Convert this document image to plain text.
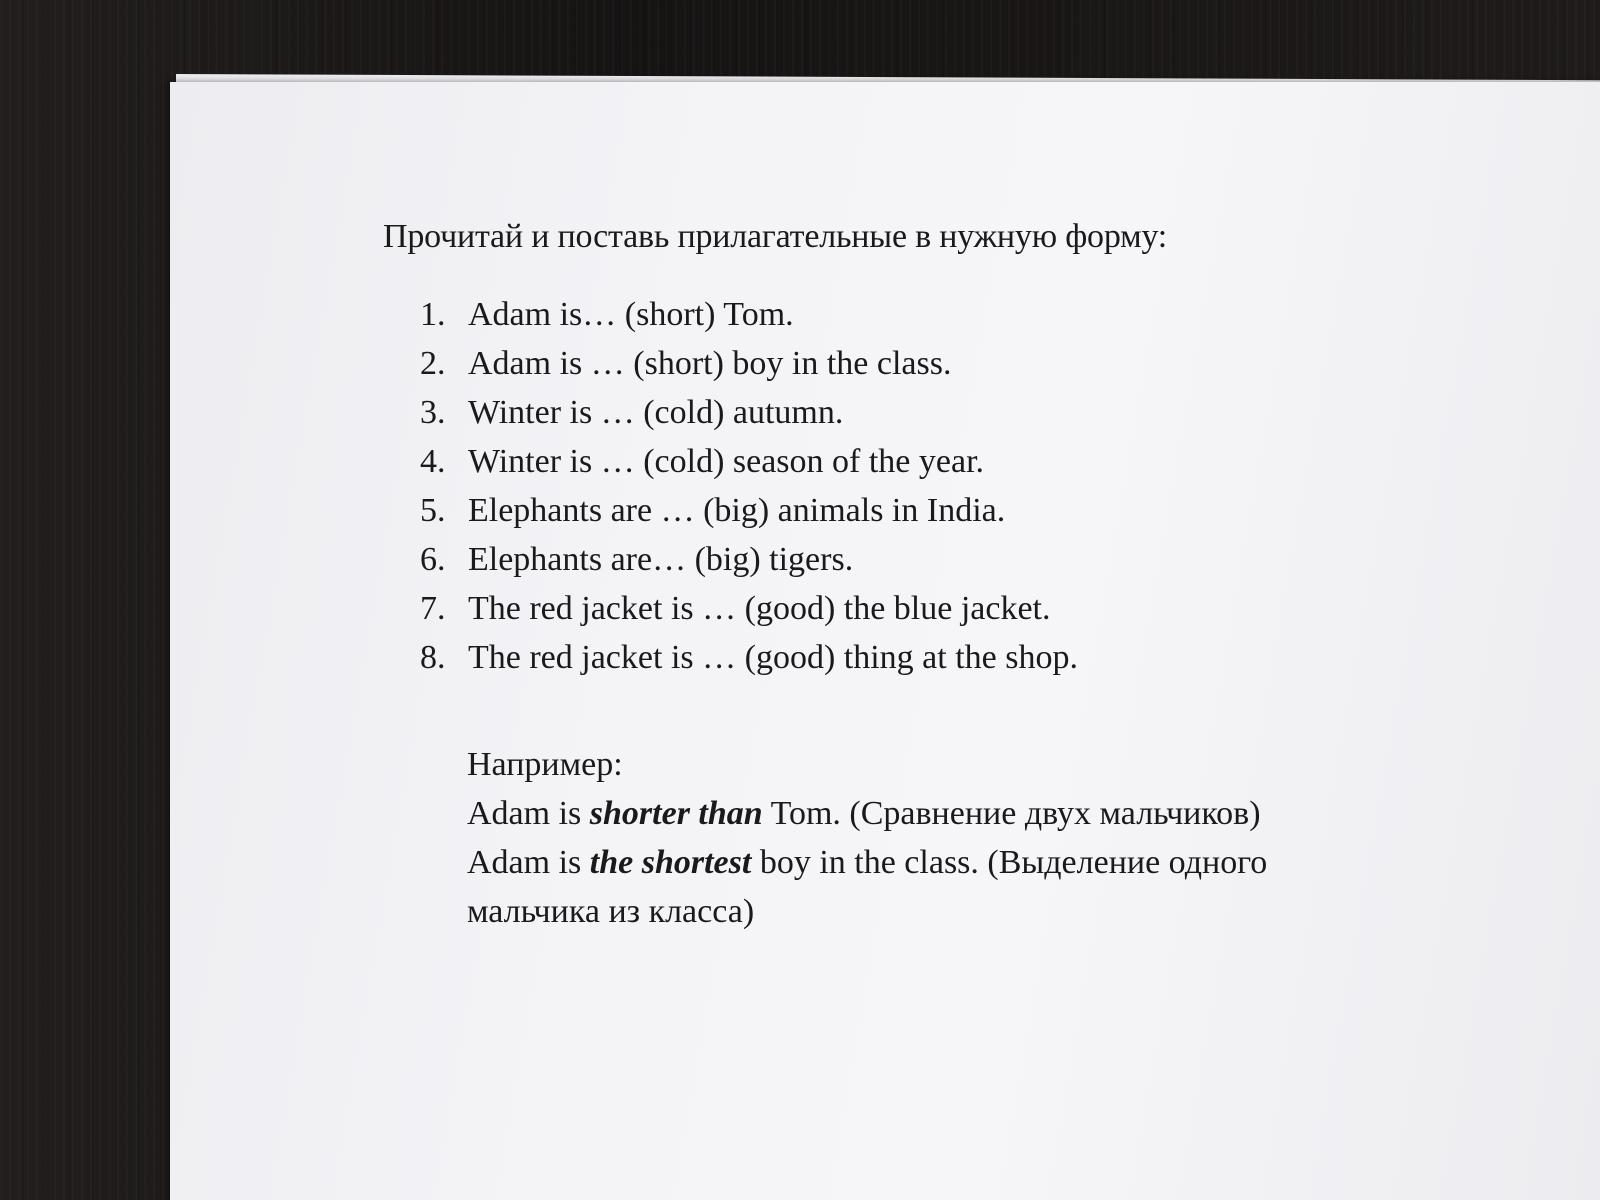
Прочитай и поставь прилагательные в нужную форму:
1. Adam is… (short) Tom.
2. Adam is … (short) boy in the class.
3. Winter is … (cold) autumn.
4. Winter is … (cold) season of the year.
5. Elephants are … (big) animals in India.
6. Elephants are… (big) tigers.
7. The red jacket is … (good) the blue jacket.
8. The red jacket is … (good) thing at the shop.
Например:
Adam is shorter than Tom. (Сравнение двух мальчиков)
Adam is the shortest boy in the class. (Выделение одного мальчика из класса)
